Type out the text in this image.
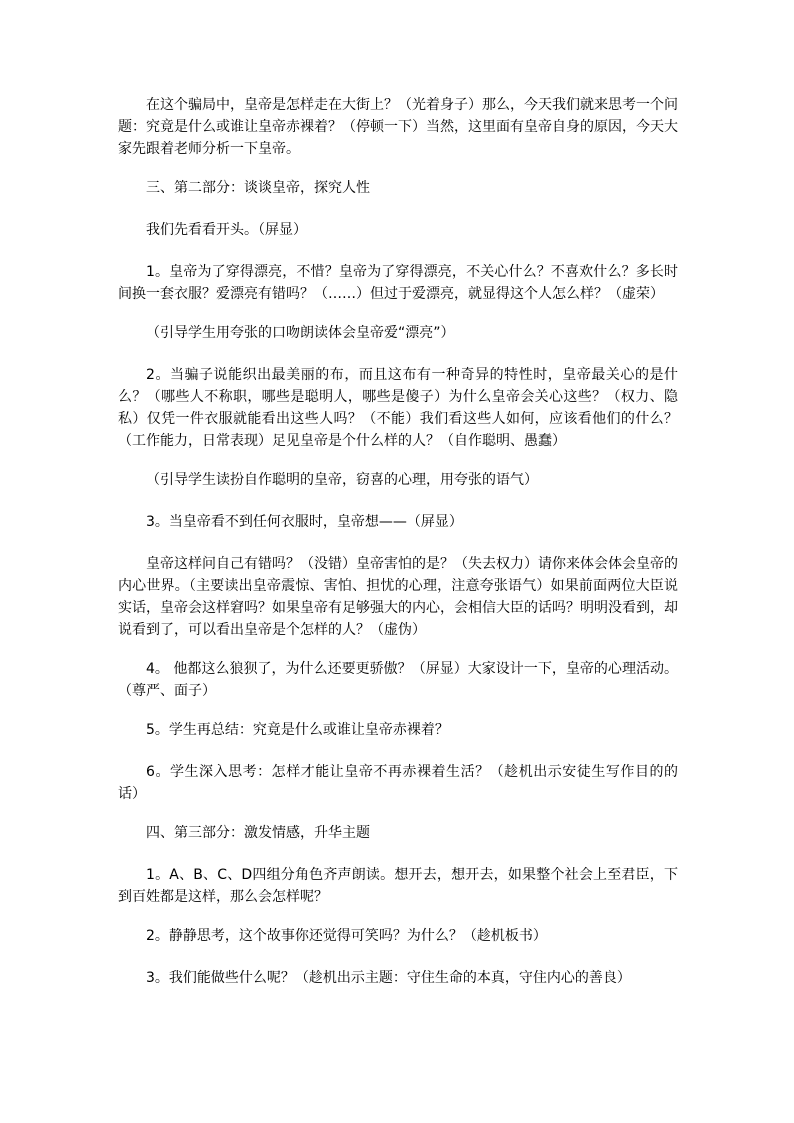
在这个骗局中，皇帝是怎样走在大街上？（光着身子）那么，今天我们就来思考一个问题：究竟是什么或谁让皇帝赤裸着？（停顿一下）当然，这里面有皇帝自身的原因，今天大家先跟着老师分析一下皇帝。

三、第二部分：谈谈皇帝，探究人性

我们先看看开头。（屏显）

1。皇帝为了穿得漂亮，不惜？皇帝为了穿得漂亮，不关心什么？不喜欢什么？多长时间换一套衣服？爱漂亮有错吗？（……）但过于爱漂亮，就显得这个人怎么样？（虚荣）

（引导学生用夸张的口吻朗读体会皇帝爱“漂亮”）

2。当骗子说能织出最美丽的布，而且这布有一种奇异的特性时，皇帝最关心的是什么？（哪些人不称职，哪些是聪明人，哪些是傻子）为什么皇帝会关心这些？（权力、隐私）仅凭一件衣服就能看出这些人吗？（不能）我们看这些人如何，应该看他们的什么？（工作能力，日常表现）足见皇帝是个什么样的人？（自作聪明、愚蠢）

（引导学生读扮自作聪明的皇帝，窃喜的心理，用夸张的语气）

3。当皇帝看不到任何衣服时，皇帝想——（屏显）

皇帝这样问自己有错吗？（没错）皇帝害怕的是？（失去权力）请你来体会体会皇帝的内心世界。（主要读出皇帝震惊、害怕、担忧的心理，注意夸张语气）如果前面两位大臣说实话，皇帝会这样窘吗？如果皇帝有足够强大的内心，会相信大臣的话吗？明明没看到，却说看到了，可以看出皇帝是个怎样的人？（虚伪）

4。 他都这么狼狈了，为什么还要更骄傲？（屏显）大家设计一下，皇帝的心理活动。（尊严、面子）

5。学生再总结：究竟是什么或谁让皇帝赤裸着？

6。学生深入思考：怎样才能让皇帝不再赤裸着生活？（趁机出示安徒生写作目的的话）

四、第三部分：激发情感，升华主题

1。A、B、C、D四组分角色齐声朗读。想开去，想开去，如果整个社会上至君臣，下到百姓都是这样，那么会怎样呢？

2。静静思考，这个故事你还觉得可笑吗？为什么？（趁机板书）

3。我们能做些什么呢？（趁机出示主题：守住生命的本真，守住内心的善良）
